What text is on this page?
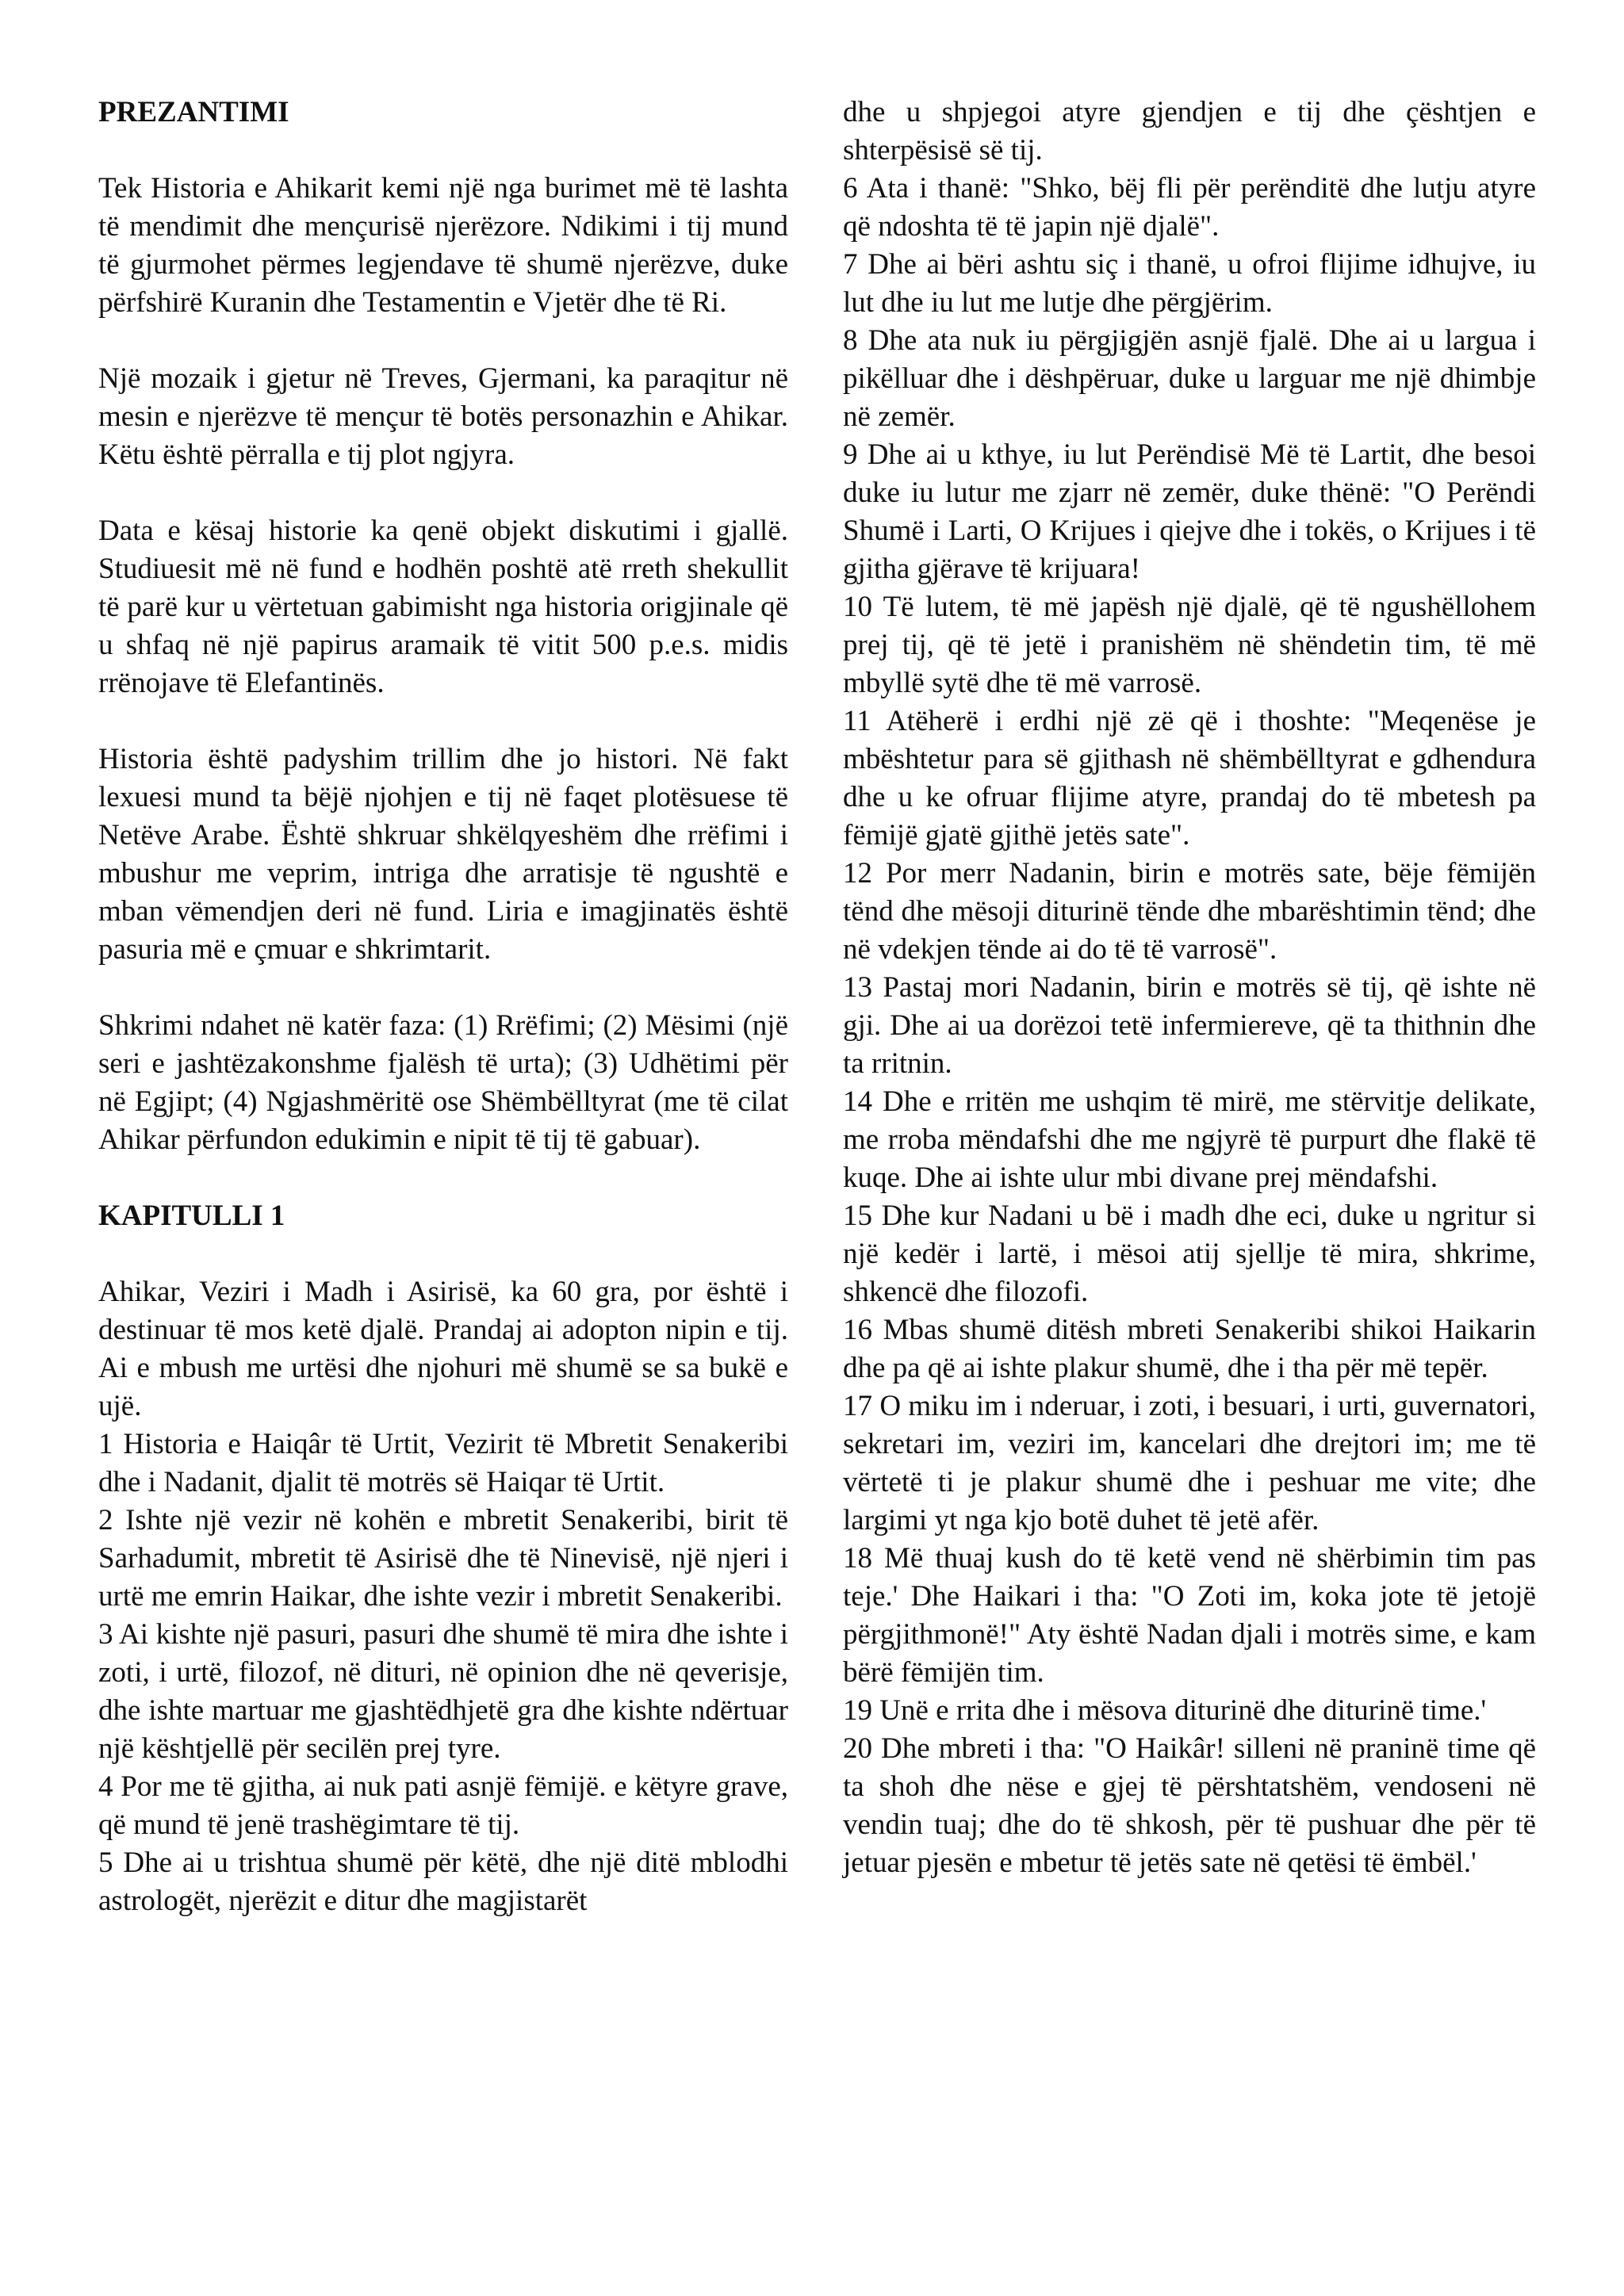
PREZANTIMI

Tek Historia e Ahikarit kemi një nga burimet më të lashta të mendimit dhe mençurisë njerëzore. Ndikimi i tij mund të gjurmohet përmes legjendave të shumë njerëzve, duke përfshirë Kuranin dhe Testamentin e Vjetër dhe të Ri.

Një mozaik i gjetur në Treves, Gjermani, ka paraqitur në mesin e njerëzve të mençur të botës personazhin e Ahikar. Këtu është përralla e tij plot ngjyra.

Data e kësaj historie ka qenë objekt diskutimi i gjallë. Studiuesit më në fund e hodhën poshtë atë rreth shekullit të parë kur u vërtetuan gabimisht nga historia origjinale që u shfaq në një papirus aramaik të vitit 500 p.e.s. midis rrënojave të Elefantinës.

Historia është padyshim trillim dhe jo histori. Në fakt lexuesi mund ta bëjë njohjen e tij në faqet plotësuese të Netëve Arabe. Është shkruar shkëlqyeshëm dhe rrëfimi i mbushur me veprim, intriga dhe arratisje të ngushtë e mban vëmendjen deri në fund. Liria e imagjinatës është pasuria më e çmuar e shkrimtarit.

Shkrimi ndahet në katër faza: (1) Rrëfimi; (2) Mësimi (një seri e jashtëzakonshme fjalësh të urta); (3) Udhëtimi për në Egjipt; (4) Ngjashmëritë ose Shëmbëlltyrat (me të cilat Ahikar përfundon edukimin e nipit të tij të gabuar).

KAPITULLI 1

Ahikar, Veziri i Madh i Asirisë, ka 60 gra, por është i destinuar të mos ketë djalë. Prandaj ai adopton nipin e tij. Ai e mbush me urtësi dhe njohuri më shumë se sa bukë e ujë.

1 Historia e Haiqâr të Urtit, Vezirit të Mbretit Senakeribi dhe i Nadanit, djalit të motrës së Haiqar të Urtit.

2 Ishte një vezir në kohën e mbretit Senakeribi, birit të Sarhadumit, mbretit të Asirisë dhe të Ninevisë, një njeri i urtë me emrin Haikar, dhe ishte vezir i mbretit Senakeribi.

3 Ai kishte një pasuri, pasuri dhe shumë të mira dhe ishte i zoti, i urtë, filozof, në dituri, në opinion dhe në qeverisje, dhe ishte martuar me gjashtëdhjetë gra dhe kishte ndërtuar një kështjellë për secilën prej tyre.

4 Por me të gjitha, ai nuk pati asnjë fëmijë. e këtyre grave, që mund të jenë trashëgimtare të tij.

5 Dhe ai u trishtua shumë për këtë, dhe një ditë mblodhi astrologët, njerëzit e ditur dhe magjistarët

dhe u shpjegoi atyre gjendjen e tij dhe çështjen e shterpësisë së tij.

6 Ata i thanë: "Shko, bëj fli për perënditë dhe lutju atyre që ndoshta të të japin një djalë".

7 Dhe ai bëri ashtu siç i thanë, u ofroi flijime idhujve, iu lut dhe iu lut me lutje dhe përgjërim.

8 Dhe ata nuk iu përgjigjën asnjë fjalë. Dhe ai u largua i pikëlluar dhe i dëshpëruar, duke u larguar me një dhimbje në zemër.

9 Dhe ai u kthye, iu lut Perëndisë Më të Lartit, dhe besoi duke iu lutur me zjarr në zemër, duke thënë: "O Perëndi Shumë i Larti, O Krijues i qiejve dhe i tokës, o Krijues i të gjitha gjërave të krijuara!

10 Të lutem, të më japësh një djalë, që të ngushëllohem prej tij, që të jetë i pranishëm në shëndetin tim, të më mbyllë sytë dhe të më varrosë.

11 Atëherë i erdhi një zë që i thoshte: "Meqenëse je mbështetur para së gjithash në shëmbëlltyrat e gdhendura dhe u ke ofruar flijime atyre, prandaj do të mbetesh pa fëmijë gjatë gjithë jetës sate".

12 Por merr Nadanin, birin e motrës sate, bëje fëmijën tënd dhe mësoji diturinë tënde dhe mbarështimin tënd; dhe në vdekjen tënde ai do të të varrosë".

13 Pastaj mori Nadanin, birin e motrës së tij, që ishte në gji. Dhe ai ua dorëzoi tetë infermiereve, që ta thithnin dhe ta rritnin.

14 Dhe e rritën me ushqim të mirë, me stërvitje delikate, me rroba mëndafshi dhe me ngjyrë të purpurt dhe flakë të kuqe. Dhe ai ishte ulur mbi divane prej mëndafshi.

15 Dhe kur Nadani u bë i madh dhe eci, duke u ngritur si një kedër i lartë, i mësoi atij sjellje të mira, shkrime, shkencë dhe filozofi.

16 Mbas shumë ditësh mbreti Senakeribi shikoi Haikarin dhe pa që ai ishte plakur shumë, dhe i tha për më tepër.

17 O miku im i nderuar, i zoti, i besuari, i urti, guvernatori, sekretari im, veziri im, kancelari dhe drejtori im; me të vërtetë ti je plakur shumë dhe i peshuar me vite; dhe largimi yt nga kjo botë duhet të jetë afër.

18 Më thuaj kush do të ketë vend në shërbimin tim pas teje.' Dhe Haikari i tha: "O Zoti im, koka jote të jetojë përgjithmonë!" Aty është Nadan djali i motrës sime, e kam bërë fëmijën tim.

19 Unë e rrita dhe i mësova diturinë dhe diturinë time.'

20 Dhe mbreti i tha: "O Haikâr! silleni në praninë time që ta shoh dhe nëse e gjej të përshtatshëm, vendoseni në vendin tuaj; dhe do të shkosh, për të pushuar dhe për të jetuar pjesën e mbetur të jetës sate në qetësi të ëmbël.'
